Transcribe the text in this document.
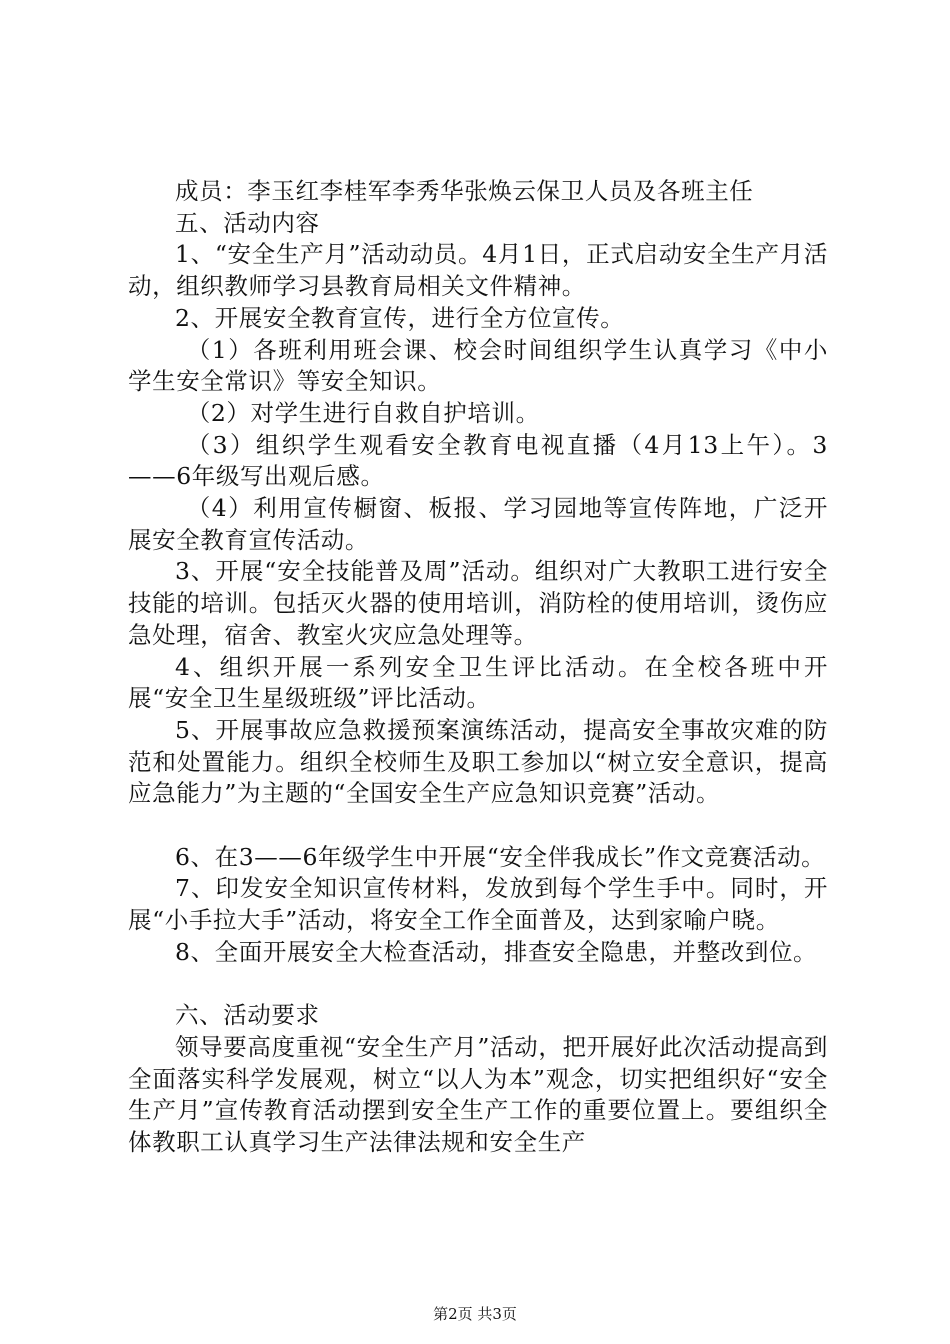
成员：李玉红李桂军李秀华张焕云保卫人员及各班主任

五、活动内容

1、“安全生产月”活动动员。4月1日，正式启动安全生产月活动，组织教师学习县教育局相关文件精神。

2、开展安全教育宣传，进行全方位宣传。

（1）各班利用班会课、校会时间组织学生认真学习《中小学生安全常识》等安全知识。

（2）对学生进行自救自护培训。

（3）组织学生观看安全教育电视直播（4月13上午）。3——6年级写出观后感。

（4）利用宣传橱窗、板报、学习园地等宣传阵地，广泛开展安全教育宣传活动。

3、开展“安全技能普及周”活动。组织对广大教职工进行安全技能的培训。包括灭火器的使用培训，消防栓的使用培训，烫伤应急处理，宿舍、教室火灾应急处理等。

4、组织开展一系列安全卫生评比活动。在全校各班中开展“安全卫生星级班级”评比活动。

5、开展事故应急救援预案演练活动，提高安全事故灾难的防范和处置能力。组织全校师生及职工参加以“树立安全意识，提高应急能力”为主题的“全国安全生产应急知识竞赛”活动。

6、在3——6年级学生中开展“安全伴我成长”作文竞赛活动。

7、印发安全知识宣传材料，发放到每个学生手中。同时，开展“小手拉大手”活动，将安全工作全面普及，达到家喻户晓。

8、全面开展安全大检查活动，排查安全隐患，并整改到位。

六、活动要求

领导要高度重视“安全生产月”活动，把开展好此次活动提高到全面落实科学发展观，树立“以人为本”观念，切实把组织好“安全生产月”宣传教育活动摆到安全生产工作的重要位置上。要组织全体教职工认真学习生产法律法规和安全生产

第2页 共3页
